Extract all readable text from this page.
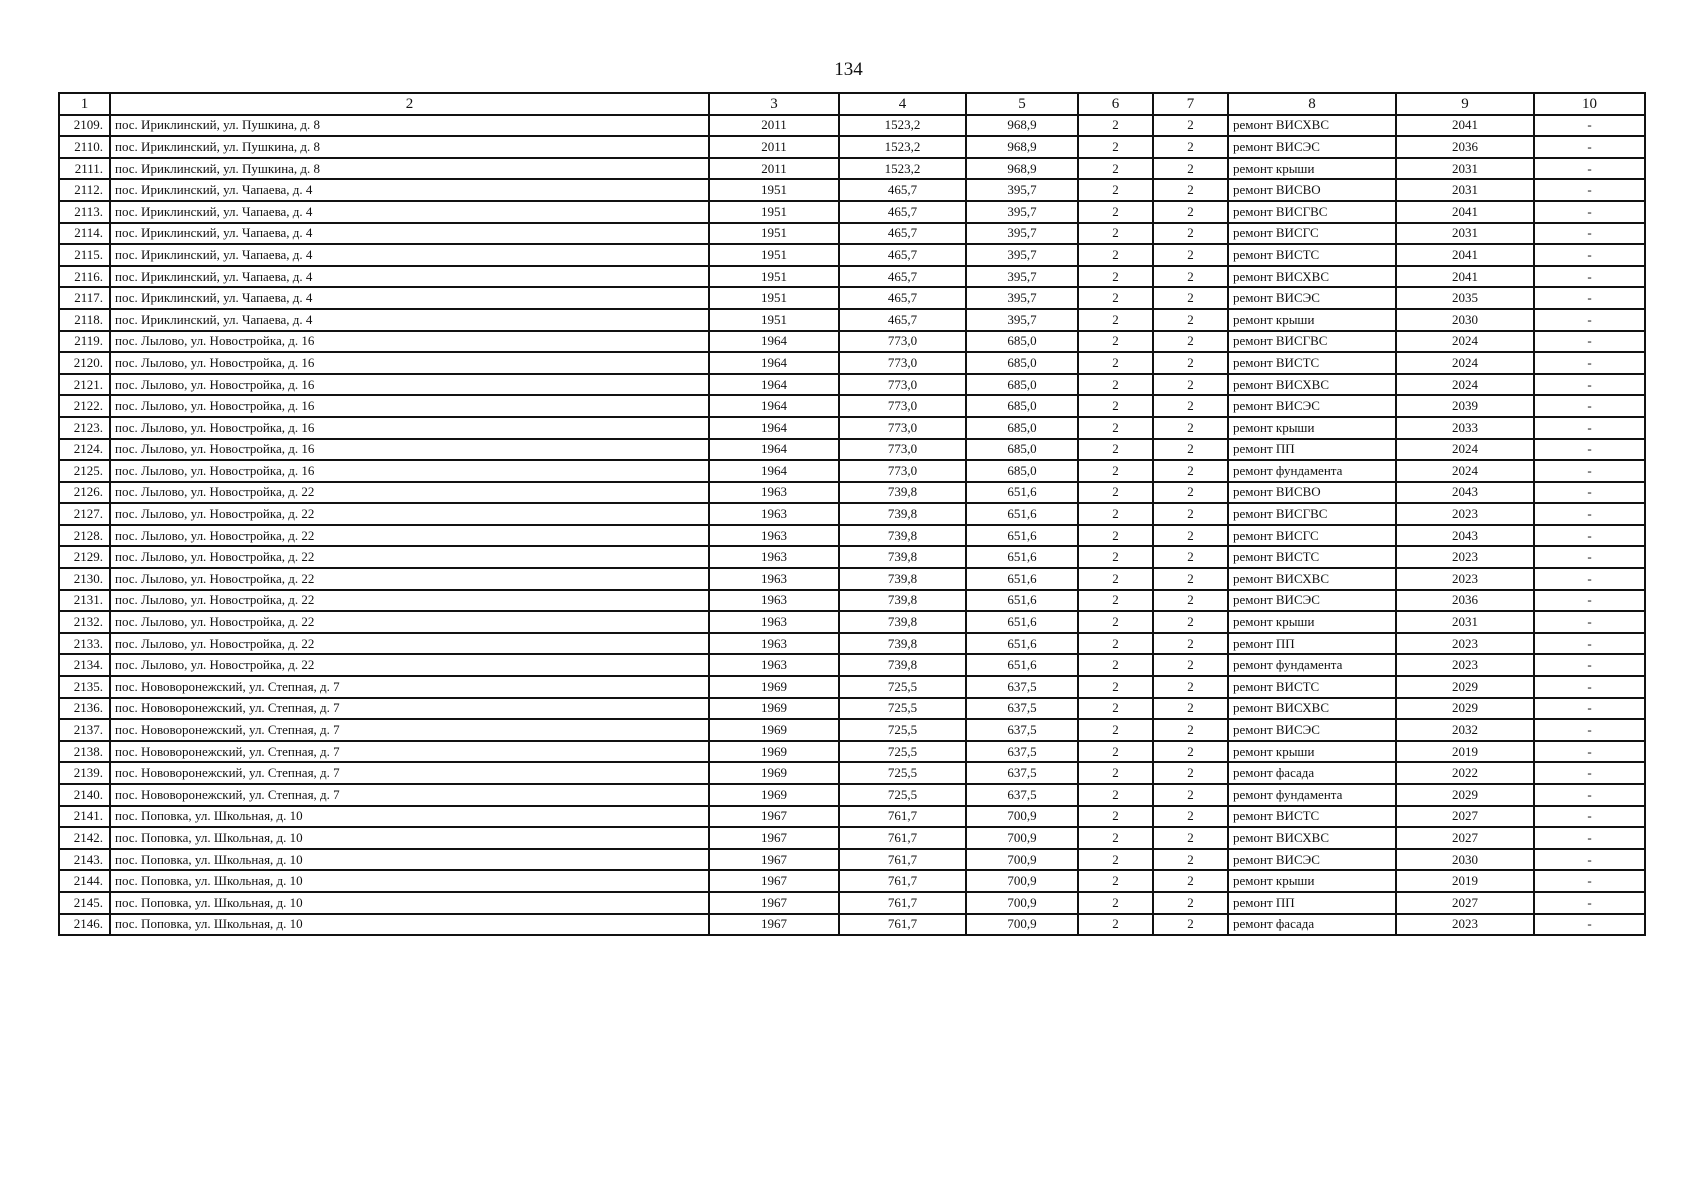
134
1	2	3	4	5	6	7	8	9	10
2109.	пос. Ириклинский, ул. Пушкина, д. 8	2011	1523,2	968,9	2	2	ремонт ВИСХВС	2041	-
2110.	пос. Ириклинский, ул. Пушкина, д. 8	2011	1523,2	968,9	2	2	ремонт ВИСЭС	2036	-
2111.	пос. Ириклинский, ул. Пушкина, д. 8	2011	1523,2	968,9	2	2	ремонт крыши	2031	-
2112.	пос. Ириклинский, ул. Чапаева, д. 4	1951	465,7	395,7	2	2	ремонт ВИСВО	2031	-
2113.	пос. Ириклинский, ул. Чапаева, д. 4	1951	465,7	395,7	2	2	ремонт ВИСГВС	2041	-
2114.	пос. Ириклинский, ул. Чапаева, д. 4	1951	465,7	395,7	2	2	ремонт ВИСГС	2031	-
2115.	пос. Ириклинский, ул. Чапаева, д. 4	1951	465,7	395,7	2	2	ремонт ВИСТС	2041	-
2116.	пос. Ириклинский, ул. Чапаева, д. 4	1951	465,7	395,7	2	2	ремонт ВИСХВС	2041	-
2117.	пос. Ириклинский, ул. Чапаева, д. 4	1951	465,7	395,7	2	2	ремонт ВИСЭС	2035	-
2118.	пос. Ириклинский, ул. Чапаева, д. 4	1951	465,7	395,7	2	2	ремонт крыши	2030	-
2119.	пос. Лылово, ул. Новостройка, д. 16	1964	773,0	685,0	2	2	ремонт ВИСГВС	2024	-
2120.	пос. Лылово, ул. Новостройка, д. 16	1964	773,0	685,0	2	2	ремонт ВИСТС	2024	-
2121.	пос. Лылово, ул. Новостройка, д. 16	1964	773,0	685,0	2	2	ремонт ВИСХВС	2024	-
2122.	пос. Лылово, ул. Новостройка, д. 16	1964	773,0	685,0	2	2	ремонт ВИСЭС	2039	-
2123.	пос. Лылово, ул. Новостройка, д. 16	1964	773,0	685,0	2	2	ремонт крыши	2033	-
2124.	пос. Лылово, ул. Новостройка, д. 16	1964	773,0	685,0	2	2	ремонт ПП	2024	-
2125.	пос. Лылово, ул. Новостройка, д. 16	1964	773,0	685,0	2	2	ремонт фундамента	2024	-
2126.	пос. Лылово, ул. Новостройка, д. 22	1963	739,8	651,6	2	2	ремонт ВИСВО	2043	-
2127.	пос. Лылово, ул. Новостройка, д. 22	1963	739,8	651,6	2	2	ремонт ВИСГВС	2023	-
2128.	пос. Лылово, ул. Новостройка, д. 22	1963	739,8	651,6	2	2	ремонт ВИСГС	2043	-
2129.	пос. Лылово, ул. Новостройка, д. 22	1963	739,8	651,6	2	2	ремонт ВИСТС	2023	-
2130.	пос. Лылово, ул. Новостройка, д. 22	1963	739,8	651,6	2	2	ремонт ВИСХВС	2023	-
2131.	пос. Лылово, ул. Новостройка, д. 22	1963	739,8	651,6	2	2	ремонт ВИСЭС	2036	-
2132.	пос. Лылово, ул. Новостройка, д. 22	1963	739,8	651,6	2	2	ремонт крыши	2031	-
2133.	пос. Лылово, ул. Новостройка, д. 22	1963	739,8	651,6	2	2	ремонт ПП	2023	-
2134.	пос. Лылово, ул. Новостройка, д. 22	1963	739,8	651,6	2	2	ремонт фундамента	2023	-
2135.	пос. Нововоронежский, ул. Степная, д. 7	1969	725,5	637,5	2	2	ремонт ВИСТС	2029	-
2136.	пос. Нововоронежский, ул. Степная, д. 7	1969	725,5	637,5	2	2	ремонт ВИСХВС	2029	-
2137.	пос. Нововоронежский, ул. Степная, д. 7	1969	725,5	637,5	2	2	ремонт ВИСЭС	2032	-
2138.	пос. Нововоронежский, ул. Степная, д. 7	1969	725,5	637,5	2	2	ремонт крыши	2019	-
2139.	пос. Нововоронежский, ул. Степная, д. 7	1969	725,5	637,5	2	2	ремонт фасада	2022	-
2140.	пос. Нововоронежский, ул. Степная, д. 7	1969	725,5	637,5	2	2	ремонт фундамента	2029	-
2141.	пос. Поповка, ул. Школьная, д. 10	1967	761,7	700,9	2	2	ремонт ВИСТС	2027	-
2142.	пос. Поповка, ул. Школьная, д. 10	1967	761,7	700,9	2	2	ремонт ВИСХВС	2027	-
2143.	пос. Поповка, ул. Школьная, д. 10	1967	761,7	700,9	2	2	ремонт ВИСЭС	2030	-
2144.	пос. Поповка, ул. Школьная, д. 10	1967	761,7	700,9	2	2	ремонт крыши	2019	-
2145.	пос. Поповка, ул. Школьная, д. 10	1967	761,7	700,9	2	2	ремонт ПП	2027	-
2146.	пос. Поповка, ул. Школьная, д. 10	1967	761,7	700,9	2	2	ремонт фасада	2023	-
